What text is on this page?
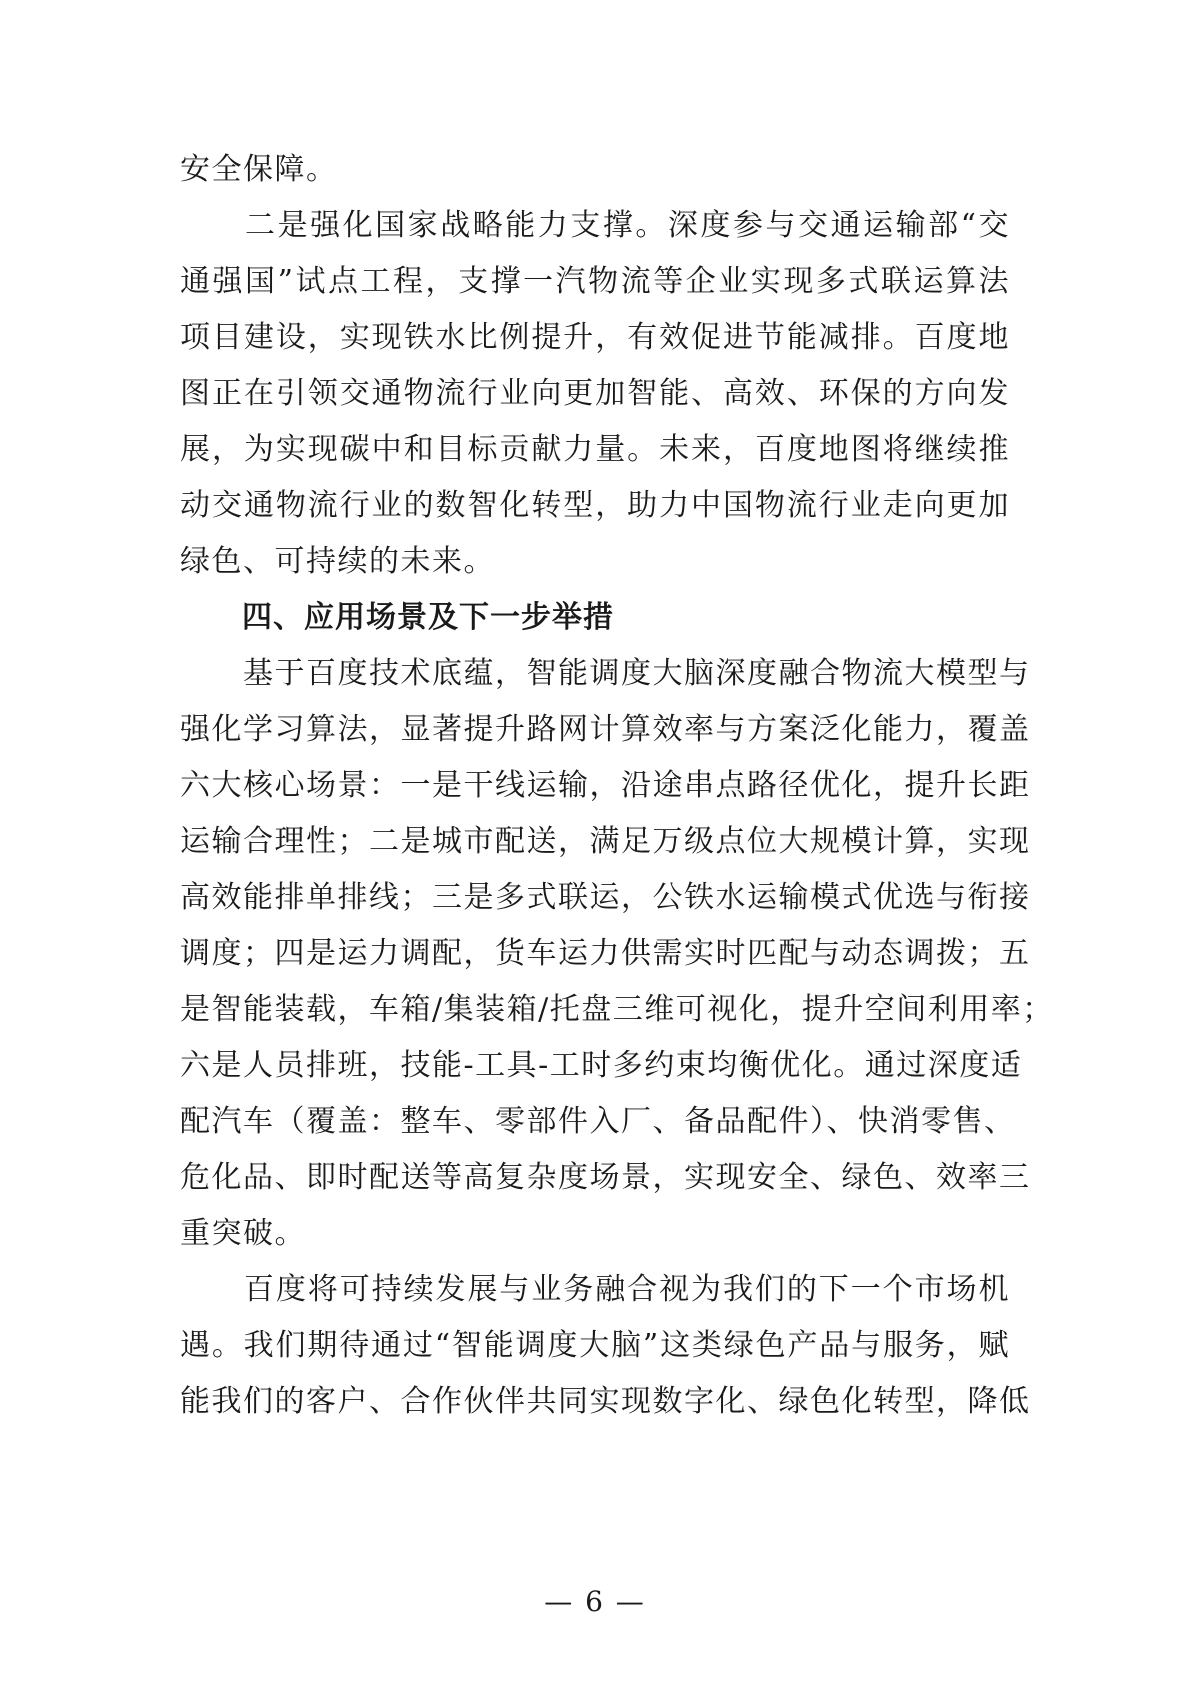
安全保障。
　　二是强化国家战略能力支撑。深度参与交通运输部“交
通强国”试点工程，支撑一汽物流等企业实现多式联运算法
项目建设，实现铁水比例提升，有效促进节能减排。百度地
图正在引领交通物流行业向更加智能、高效、环保的方向发
展，为实现碳中和目标贡献力量。未来，百度地图将继续推
动交通物流行业的数智化转型，助力中国物流行业走向更加
绿色、可持续的未来。
　　四、应用场景及下一步举措
　　基于百度技术底蕴，智能调度大脑深度融合物流大模型与
强化学习算法，显著提升路网计算效率与方案泛化能力，覆盖
六大核心场景：一是干线运输，沿途串点路径优化，提升长距
运输合理性；二是城市配送，满足万级点位大规模计算，实现
高效能排单排线；三是多式联运，公铁水运输模式优选与衔接
调度；四是运力调配，货车运力供需实时匹配与动态调拨；五
是智能装载，车箱/集装箱/托盘三维可视化，提升空间利用率；
六是人员排班，技能-工具-工时多约束均衡优化。通过深度适
配汽车（覆盖：整车、零部件入厂、备品配件）、快消零售、
危化品、即时配送等高复杂度场景，实现安全、绿色、效率三
重突破。
　　百度将可持续发展与业务融合视为我们的下一个市场机
遇。我们期待通过“智能调度大脑”这类绿色产品与服务，赋
能我们的客户、合作伙伴共同实现数字化、绿色化转型，降低
— 6 —
